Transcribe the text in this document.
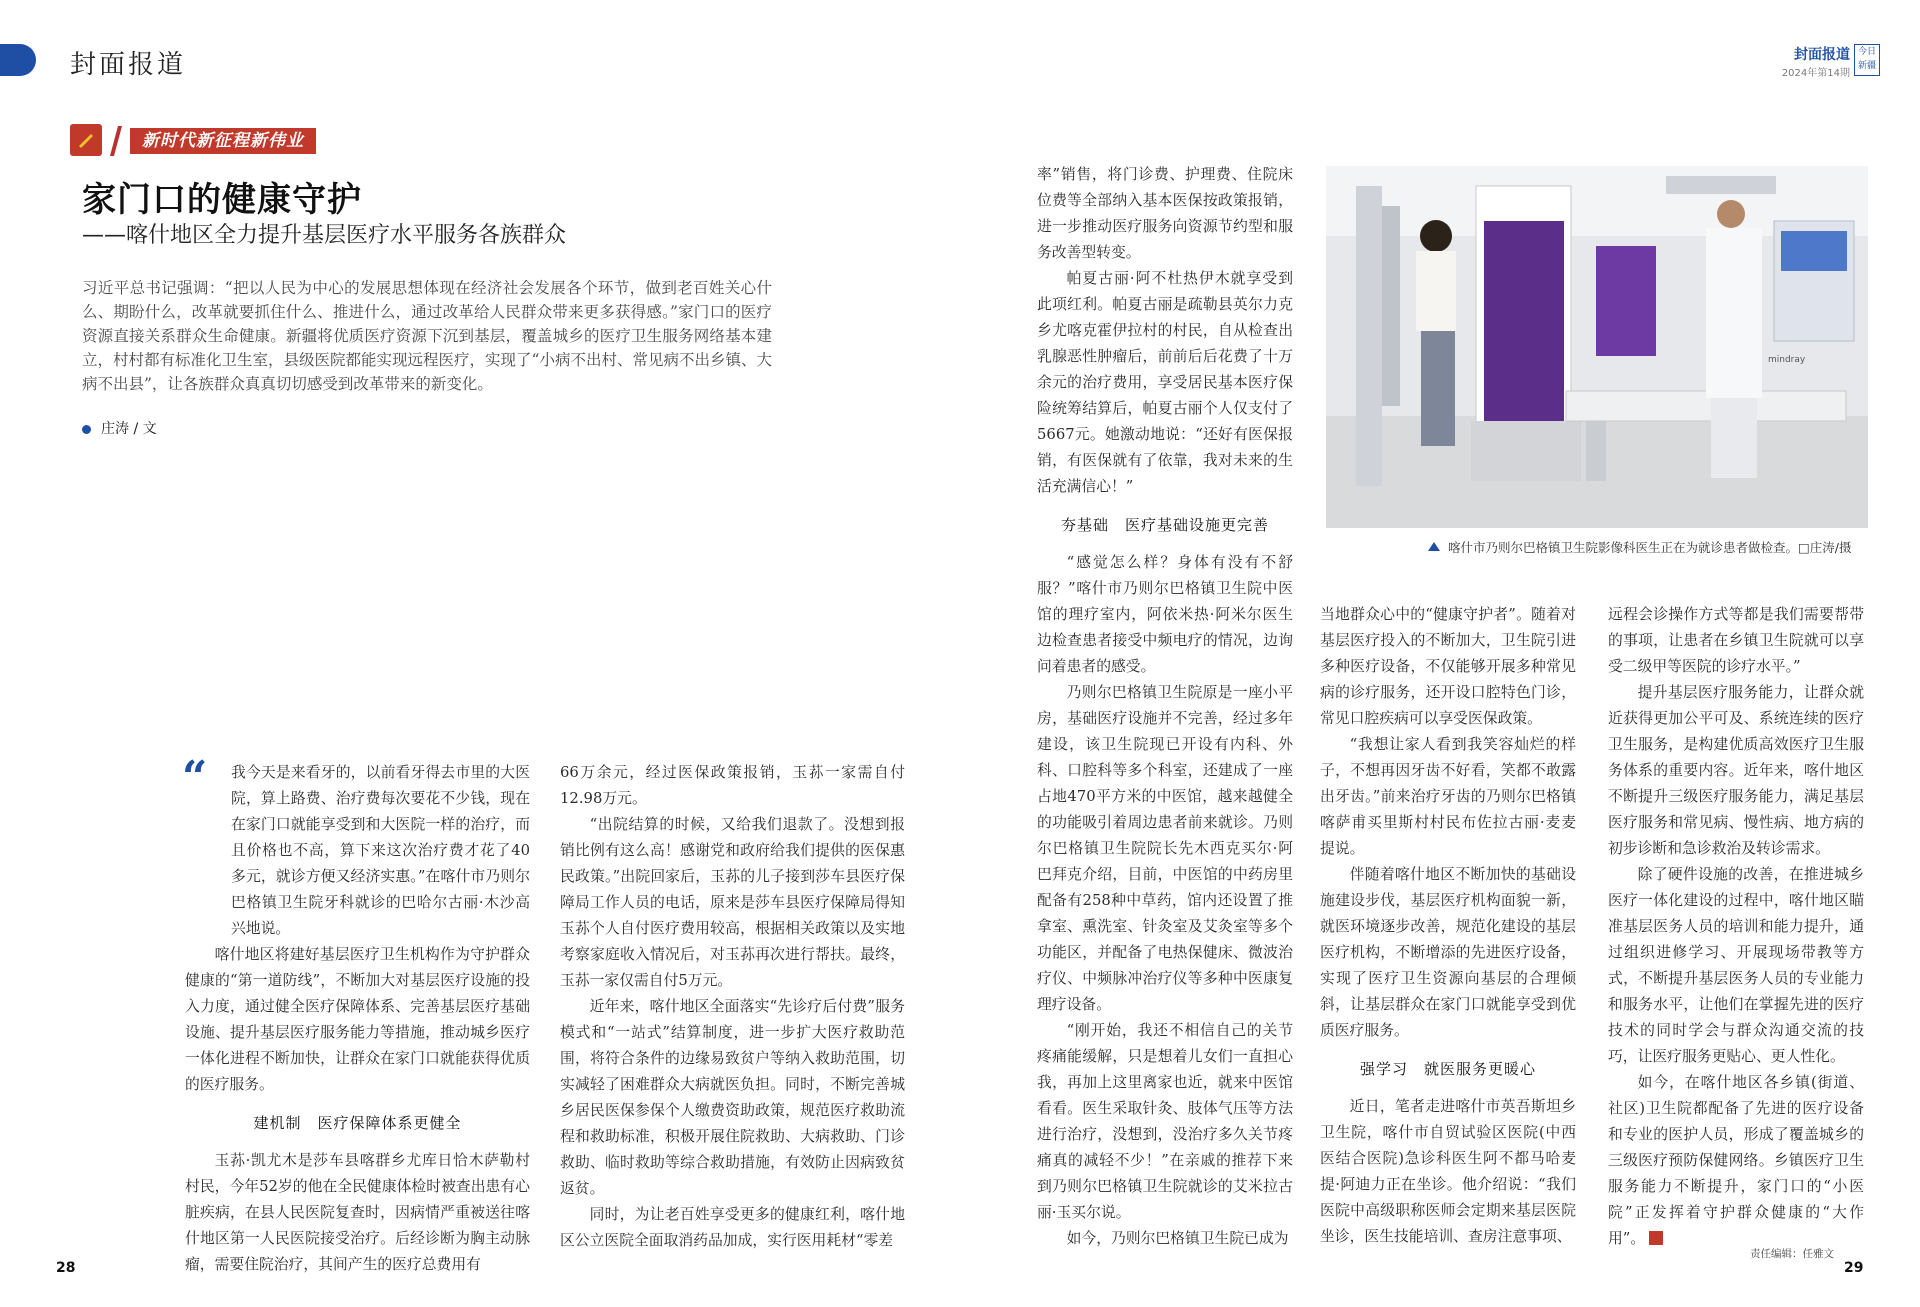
封面报道	封面报道
2024年第14期
今日新疆
新时代新征程新伟业
家门口的健康守护
——喀什地区全力提升基层医疗水平服务各族群众
习近平总书记强调：“把以人民为中心的发展思想体现在经济社会发展各个环节，做到老百姓关心什么、期盼什么，改革就要抓住什么、推进什么，通过改革给人民群众带来更多获得感。”家门口的医疗资源直接关系群众生命健康。新疆将优质医疗资源下沉到基层，覆盖城乡的医疗卫生服务网络基本建立，村村都有标准化卫生室，县级医院都能实现远程医疗，实现了“小病不出村、常见病不出乡镇、大病不出县”，让各族群众真真切切感受到改革带来的新变化。
庄涛 / 文
“	我今天是来看牙的，以前看牙得去市里的大医院，算上路费、治疗费每次要花不少钱，现在在家门口就能享受到和大医院一样的治疗，而且价格也不高，算下来这次治疗费才花了40多元，就诊方便又经济实惠。”在喀什市乃则尔巴格镇卫生院牙科就诊的巴哈尔古丽·木沙高兴地说。

喀什地区将建好基层医疗卫生机构作为守护群众健康的“第一道防线”，不断加大对基层医疗设施的投入力度，通过健全医疗保障体系、完善基层医疗基础设施、提升基层医疗服务能力等措施，推动城乡医疗一体化进程不断加快，让群众在家门口就能获得优质的医疗服务。

建机制　医疗保障体系更健全

玉荪·凯尤木是莎车县喀群乡尤库日恰木萨勒村村民，今年52岁的他在全民健康体检时被查出患有心脏疾病，在县人民医院复查时，因病情严重被送往喀什地区第一人民医院接受治疗。后经诊断为胸主动脉瘤，需要住院治疗，其间产生的医疗总费用有

66万余元，经过医保政策报销，玉荪一家需自付12.98万元。

“出院结算的时候，又给我们退款了。没想到报销比例有这么高！感谢党和政府给我们提供的医保惠民政策。”出院回家后，玉荪的儿子接到莎车县医疗保障局工作人员的电话，原来是莎车县医疗保障局得知玉荪个人自付医疗费用较高，根据相关政策以及实地考察家庭收入情况后，对玉荪再次进行帮扶。最终，玉荪一家仅需自付5万元。

近年来，喀什地区全面落实“先诊疗后付费”服务模式和“一站式”结算制度，进一步扩大医疗救助范围，将符合条件的边缘易致贫户等纳入救助范围，切实减轻了困难群众大病就医负担。同时，不断完善城乡居民医保参保个人缴费资助政策，规范医疗救助流程和救助标准，积极开展住院救助、大病救助、门诊救助、临时救助等综合救助措施，有效防止因病致贫返贫。

同时，为让老百姓享受更多的健康红利，喀什地区公立医院全面取消药品加成，实行医用耗材“零差

率”销售，将门诊费、护理费、住院床位费等全部纳入基本医保按政策报销，进一步推动医疗服务向资源节约型和服务改善型转变。

帕夏古丽·阿不杜热伊木就享受到此项红利。帕夏古丽是疏勒县英尔力克乡尤喀克霍伊拉村的村民，自从检查出乳腺恶性肿瘤后，前前后后花费了十万余元的治疗费用，享受居民基本医疗保险统筹结算后，帕夏古丽个人仅支付了5667元。她激动地说：“还好有医保报销，有医保就有了依靠，我对未来的生活充满信心！”

夯基础　医疗基础设施更完善

“感觉怎么样？身体有没有不舒服？”喀什市乃则尔巴格镇卫生院中医馆的理疗室内，阿依米热·阿米尔医生边检查患者接受中频电疗的情况，边询问着患者的感受。

乃则尔巴格镇卫生院原是一座小平房，基础医疗设施并不完善，经过多年建设，该卫生院现已开设有内科、外科、口腔科等多个科室，还建成了一座占地470平方米的中医馆，越来越健全的功能吸引着周边患者前来就诊。乃则尔巴格镇卫生院院长先木西克买尔·阿巴拜克介绍，目前，中医馆的中药房里配备有258种中草药，馆内还设置了推拿室、熏洗室、针灸室及艾灸室等多个功能区，并配备了电热保健床、微波治疗仪、中频脉冲治疗仪等多种中医康复理疗设备。

“刚开始，我还不相信自己的关节疼痛能缓解，只是想着儿女们一直担心我，再加上这里离家也近，就来中医馆看看。医生采取针灸、肢体气压等方法进行治疗，没想到，没治疗多久关节疼痛真的减轻不少！”在亲戚的推荐下来到乃则尔巴格镇卫生院就诊的艾米拉古丽·玉买尔说。

如今，乃则尔巴格镇卫生院已成为

mindray
喀什市乃则尔巴格镇卫生院影像科医生正在为就诊患者做检查。□庄涛/摄

当地群众心中的“健康守护者”。随着对基层医疗投入的不断加大，卫生院引进多种医疗设备，不仅能够开展多种常见病的诊疗服务，还开设口腔特色门诊，常见口腔疾病可以享受医保政策。

“我想让家人看到我笑容灿烂的样子，不想再因牙齿不好看，笑都不敢露出牙齿。”前来治疗牙齿的乃则尔巴格镇喀萨甫买里斯村村民布佐拉古丽·麦麦提说。

伴随着喀什地区不断加快的基础设施建设步伐，基层医疗机构面貌一新，就医环境逐步改善，规范化建设的基层医疗机构，不断增添的先进医疗设备，实现了医疗卫生资源向基层的合理倾斜，让基层群众在家门口就能享受到优质医疗服务。

强学习　就医服务更暖心

近日，笔者走进喀什市英吾斯坦乡卫生院，喀什市自贸试验区医院(中西医结合医院)急诊科医生阿不都马哈麦提·阿迪力正在坐诊。他介绍说：“我们医院中高级职称医师会定期来基层医院坐诊，医生技能培训、查房注意事项、

远程会诊操作方式等都是我们需要帮带的事项，让患者在乡镇卫生院就可以享受二级甲等医院的诊疗水平。”

提升基层医疗服务能力，让群众就近获得更加公平可及、系统连续的医疗卫生服务，是构建优质高效医疗卫生服务体系的重要内容。近年来，喀什地区不断提升三级医疗服务能力，满足基层医疗服务和常见病、慢性病、地方病的初步诊断和急诊救治及转诊需求。

除了硬件设施的改善，在推进城乡医疗一体化建设的过程中，喀什地区瞄准基层医务人员的培训和能力提升，通过组织进修学习、开展现场带教等方式，不断提升基层医务人员的专业能力和服务水平，让他们在掌握先进的医疗技术的同时学会与群众沟通交流的技巧，让医疗服务更贴心、更人性化。

如今，在喀什地区各乡镇(街道、社区)卫生院都配备了先进的医疗设备和专业的医护人员，形成了覆盖城乡的三级医疗预防保健网络。乡镇医疗卫生服务能力不断提升，家门口的“小医院”正发挥着守护群众健康的“大作用”。

28
责任编辑：任雅文
29
